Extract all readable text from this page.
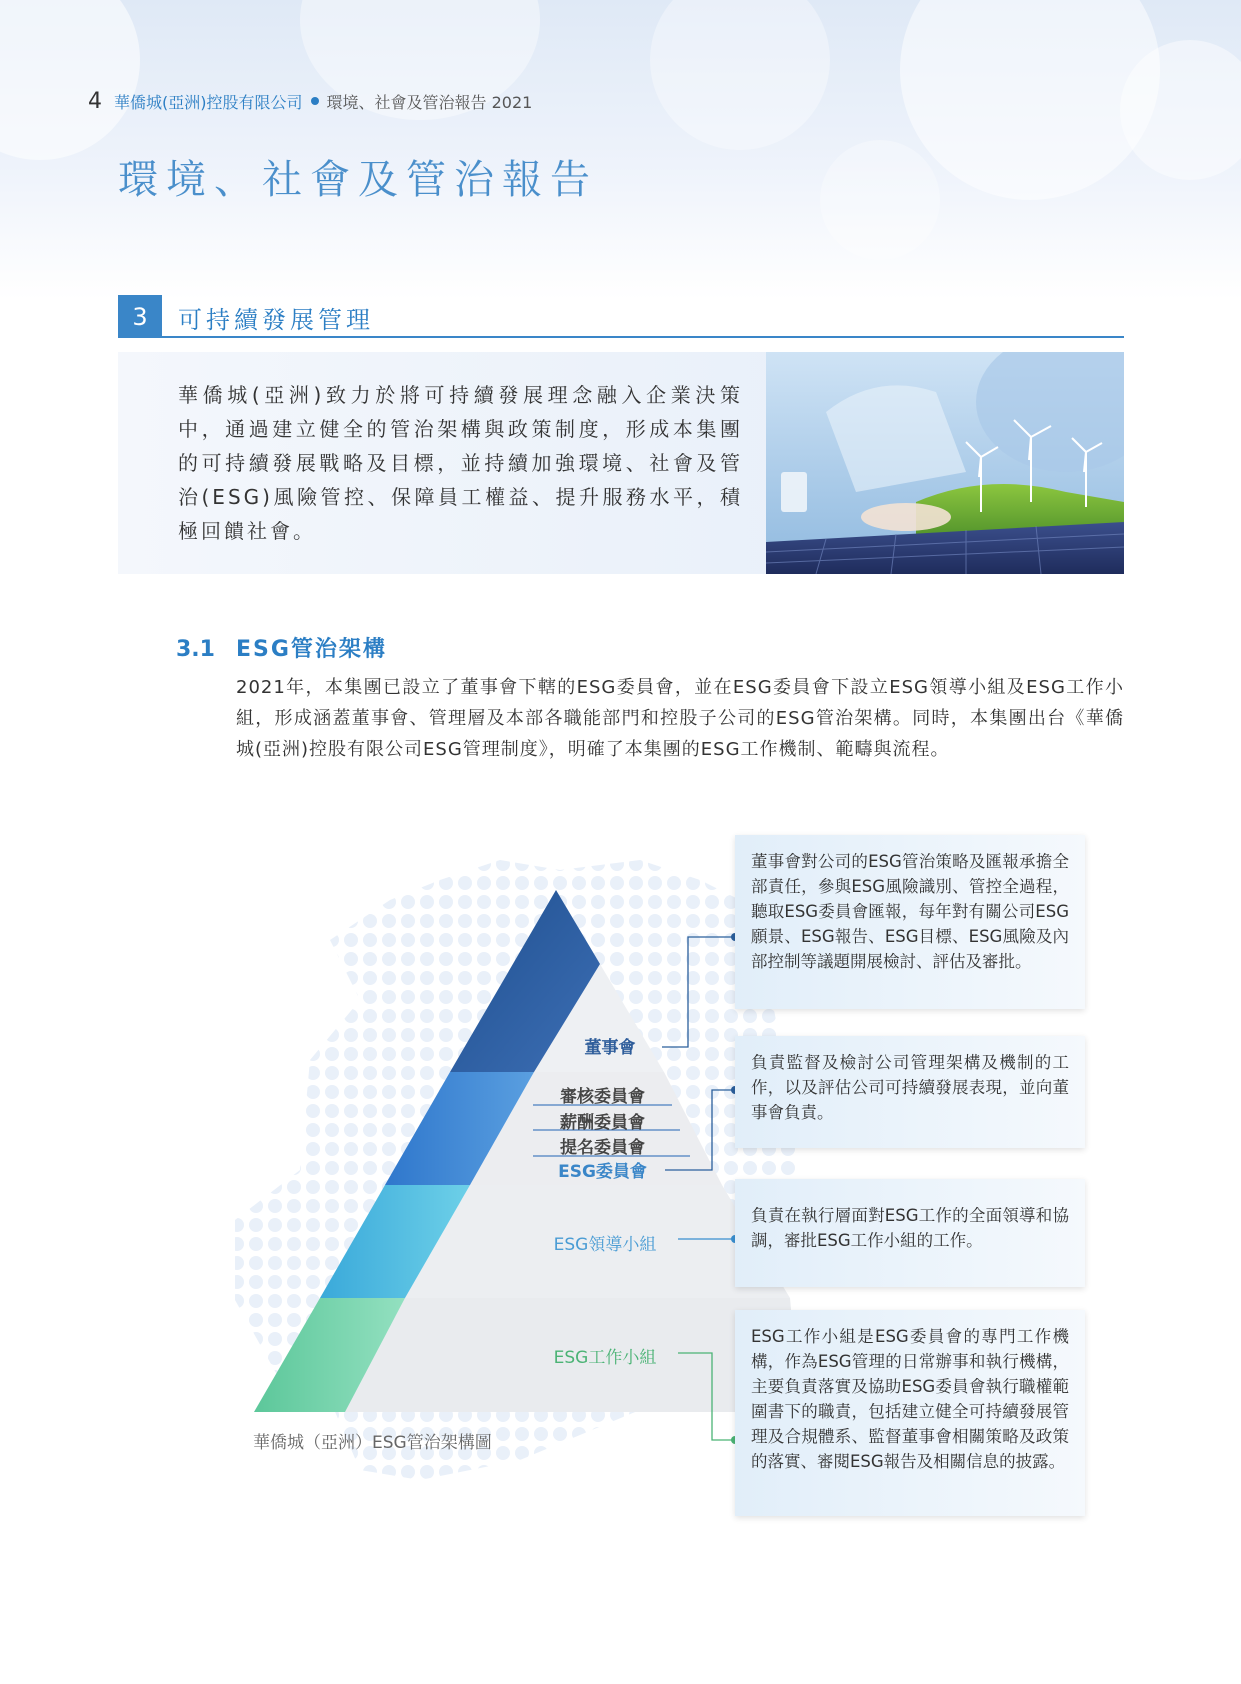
4 華僑城(亞洲)控股有限公司 環境、社會及管治報告 2021
環境、社會及管治報告
3	可持續發展管理

華僑城(亞洲)致力於將可持續發展理念融入企業決策中，通過建立健全的管治架構與政策制度，形成本集團的可持續發展戰略及目標，並持續加強環境、社會及管治(ESG)風險管控、保障員工權益、提升服務水平，積極回饋社會。

3.1 ESG管治架構

2021年，本集團已設立了董事會下轄的ESG委員會，並在ESG委員會下設立ESG領導小組及ESG工作小組，形成涵蓋董事會、管理層及本部各職能部門和控股子公司的ESG管治架構。同時，本集團出台《華僑城(亞洲)控股有限公司ESG管理制度》，明確了本集團的ESG工作機制、範疇與流程。

董事會
審核委員會
薪酬委員會
提名委員會
ESG委員會
ESG領導小組
ESG工作小組
華僑城（亞洲）ESG管治架構圖
董事會對公司的ESG管治策略及匯報承擔全部責任，參與ESG風險識別、管控全過程，聽取ESG委員會匯報，每年對有關公司ESG願景、ESG報告、ESG目標、ESG風險及內部控制等議題開展檢討、評估及審批。
負責監督及檢討公司管理架構及機制的工作，以及評估公司可持續發展表現，並向董事會負責。
負責在執行層面對ESG工作的全面領導和協調，審批ESG工作小組的工作。
ESG工作小組是ESG委員會的專門工作機構，作為ESG管理的日常辦事和執行機構，主要負責落實及協助ESG委員會執行職權範圍書下的職責，包括建立健全可持續發展管理及合規體系、監督董事會相關策略及政策的落實、審閱ESG報告及相關信息的披露。
